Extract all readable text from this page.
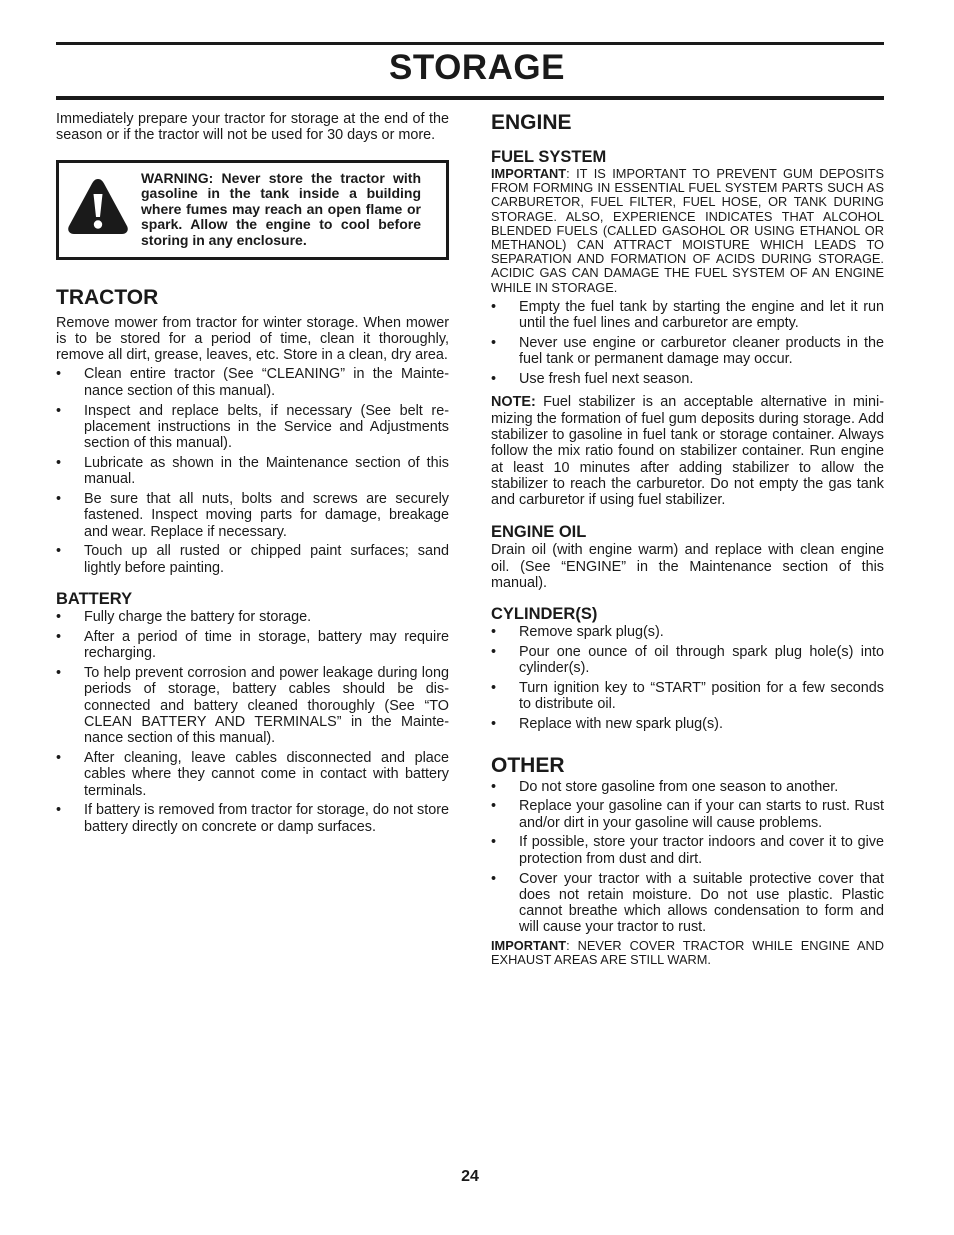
STORAGE

Immediately prepare your tractor for storage at the end of the season or if the tractor will not be used for 30 days or more.

WARNING: Never store the tractor with gasoline in the tank inside a building where fumes may reach an open flame or spark. Allow the engine to cool before storing in any enclosure.
TRACTOR

Remove mower from tractor for winter storage. When mower is to be stored for a period of time, clean it thoroughly, remove all dirt, grease, leaves, etc. Store in a clean, dry area.

• Clean entire tractor (See “CLEANING” in the Mainte-nance section of this manual).
• Inspect and replace belts, if necessary (See belt re-placement instructions in the Service and Adjustments section of this manual).
• Lubricate as shown in the Maintenance section of this manual.
• Be sure that all nuts, bolts and screws are securely fastened. Inspect moving parts for damage, breakage and wear. Replace if necessary.
• Touch up all rusted or chipped paint surfaces; sand lightly before painting.
BATTERY
• Fully charge the battery for storage.
• After a period of time in storage, battery may require recharging.
• To help prevent corrosion and power leakage during long periods of storage, battery cables should be dis-connected and battery cleaned thoroughly (See “TO CLEAN BATTERY AND TERMINALS” in the Mainte-nance section of this manual).
• After cleaning, leave cables disconnected and place cables where they cannot come in contact with battery terminals.
• If battery is removed from tractor for storage, do not store battery directly on concrete or damp surfaces.
ENGINE
FUEL SYSTEM

IMPORTANT: IT IS IMPORTANT TO PREVENT GUM DEPOSITS FROM FORMING IN ESSENTIAL FUEL SYSTEM PARTS SUCH AS CARBURETOR, FUEL FILTER, FUEL HOSE, OR TANK DURING STORAGE. ALSO, EXPERIENCE INDICATES THAT ALCOHOL BLENDED FUELS (CALLED GASOHOL OR USING ETHANOL OR METHANOL) CAN ATTRACT MOISTURE WHICH LEADS TO SEPARATION AND FORMATION OF ACIDS DURING STORAGE. ACIDIC GAS CAN DAMAGE THE FUEL SYSTEM OF AN ENGINE WHILE IN STORAGE.

• Empty the fuel tank by starting the engine and let it run until the fuel lines and carburetor are empty.
• Never use engine or carburetor cleaner products in the fuel tank or permanent damage may occur.
• Use fresh fuel next season.

NOTE: Fuel stabilizer is an acceptable alternative in mini-mizing the formation of fuel gum deposits during storage. Add stabilizer to gasoline in fuel tank or storage container. Always follow the mix ratio found on stabilizer container. Run engine at least 10 minutes after adding stabilizer to allow the stabilizer to reach the carburetor. Do not empty the gas tank and carburetor if using fuel stabilizer.

ENGINE OIL

Drain oil (with engine warm) and replace with clean engine oil. (See “ENGINE” in the Maintenance section of this manual).

CYLINDER(S)
• Remove spark plug(s).
• Pour one ounce of oil through spark plug hole(s) into cylinder(s).
• Turn ignition key to “START” position for a few seconds to distribute oil.
• Replace with new spark plug(s).
OTHER
• Do not store gasoline from one season to another.
• Replace your gasoline can if your can starts to rust. Rust and/or dirt in your gasoline will cause problems.
• If possible, store your tractor indoors and cover it to give protection from dust and dirt.
• Cover your tractor with a suitable protective cover that does not retain moisture. Do not use plastic. Plastic cannot breathe which allows condensation to form and will cause your tractor to rust.

IMPORTANT: NEVER COVER TRACTOR WHILE ENGINE AND EXHAUST AREAS ARE STILL WARM.

24
